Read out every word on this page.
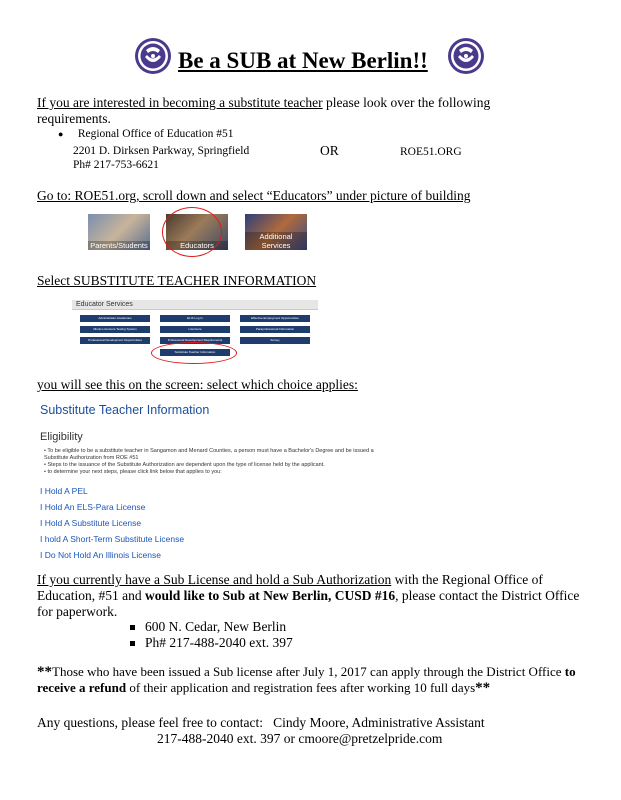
Be a SUB at New Berlin!!
If you are interested in becoming a substitute teacher please look over the following
requirements.
● Regional Office of Education #51
2201 D. Dirksen Parkway, Springfield
Ph# 217-753-6621
OR	ROE51.ORG
Go to: ROE51.org, scroll down and select “Educators” under picture of building
Parents/Students	Educators
Additional Services
Select SUBSTITUTE TEACHER INFORMATION
Educator Services
Administrator Academies	ELIS Log In	Effective Employment Opportunities
Illinois Licensure Testing System	Licensure	Paraprofessional Information
Professional Development Opportunities	Professional Development Requirements	Survey
Substitute Teacher Information
you will see this on the screen: select which choice applies:
Substitute Teacher Information
Eligibility
• To be eligible to be a substitute teacher in Sangamon and Menard Counties, a person must have a Bachelor's Degree and be issued a Substitute Authorization from ROE #51
• Steps to the issuance of the Substitute Authorization are dependent upon the type of license held by the applicant.
• to determine your next steps, please click link below that applies to you:
I Hold A PEL
I Hold An ELS-Para License
I Hold A Substitute License
I hold A Short-Term Substitute License
I Do Not Hold An Illinois License
If you currently have a Sub License and hold a Sub Authorization with the Regional Office of
Education, #51 and would like to Sub at New Berlin, CUSD #16, please contact the District Office
for paperwork.
600 N. Cedar, New Berlin
Ph# 217-488-2040 ext. 397
**Those who have been issued a Sub license after July 1, 2017 can apply through the District Office to
receive a refund of their application and registration fees after working 10 full days**
Any questions, please feel free to contact:   Cindy Moore, Administrative Assistant
217-488-2040 ext. 397 or cmoore@pretzelpride.com
